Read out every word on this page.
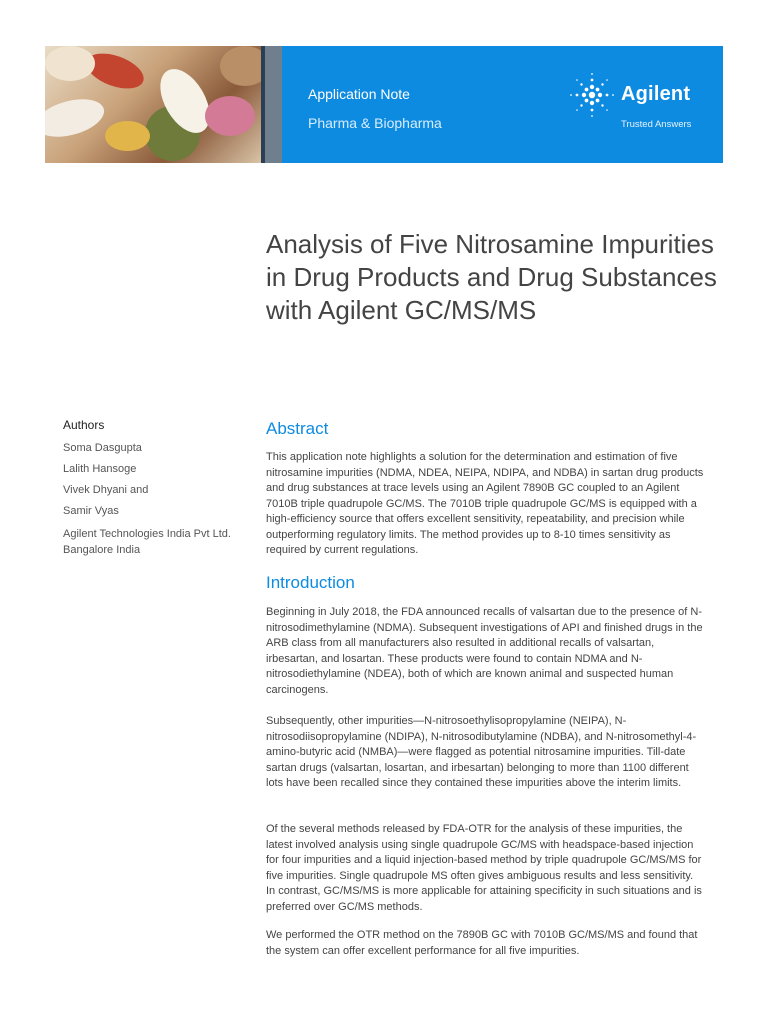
Application Note
Pharma & Biopharma
Agilent
Trusted Answers
Analysis of Five Nitrosamine Impurities in Drug Products and Drug Substances with Agilent GC/MS/MS
Authors
Soma Dasgupta
Lalith Hansoge
Vivek Dhyani and
Samir Vyas
Agilent Technologies India Pvt Ltd. Bangalore India
Abstract

This application note highlights a solution for the determination and estimation of five nitrosamine impurities (NDMA, NDEA, NEIPA, NDIPA, and NDBA) in sartan drug products and drug substances at trace levels using an Agilent 7890B GC coupled to an Agilent 7010B triple quadrupole GC/MS. The 7010B triple quadrupole GC/MS is equipped with a high-efficiency source that offers excellent sensitivity, repeatability, and precision while outperforming regulatory limits. The method provides up to 8-10 times sensitivity as required by current regulations.

Introduction

Beginning in July 2018, the FDA announced recalls of valsartan due to the presence of N-nitrosodimethylamine (NDMA). Subsequent investigations of API and finished drugs in the ARB class from all manufacturers also resulted in additional recalls of valsartan, irbesartan, and losartan. These products were found to contain NDMA and N-nitrosodiethylamine (NDEA), both of which are known animal and suspected human carcinogens.

Subsequently, other impurities—N-nitrosoethylisopropylamine (NEIPA), N-nitrosodiisopropylamine (NDIPA), N-nitrosodibutylamine (NDBA), and N-nitrosomethyl-4-amino-butyric acid (NMBA)—were flagged as potential nitrosamine impurities. Till-date sartan drugs (valsartan, losartan, and irbesartan) belonging to more than 1100 different lots have been recalled since they contained these impurities above the interim limits.

Of the several methods released by FDA-OTR for the analysis of these impurities, the latest involved analysis using single quadrupole GC/MS with headspace-based injection for four impurities and a liquid injection-based method by triple quadrupole GC/MS/MS for five impurities. Single quadrupole MS often gives ambiguous results and less sensitivity. In contrast, GC/MS/MS is more applicable for attaining specificity in such situations and is preferred over GC/MS methods.

We performed the OTR method on the 7890B GC with 7010B GC/MS/MS and found that the system can offer excellent performance for all five impurities.
